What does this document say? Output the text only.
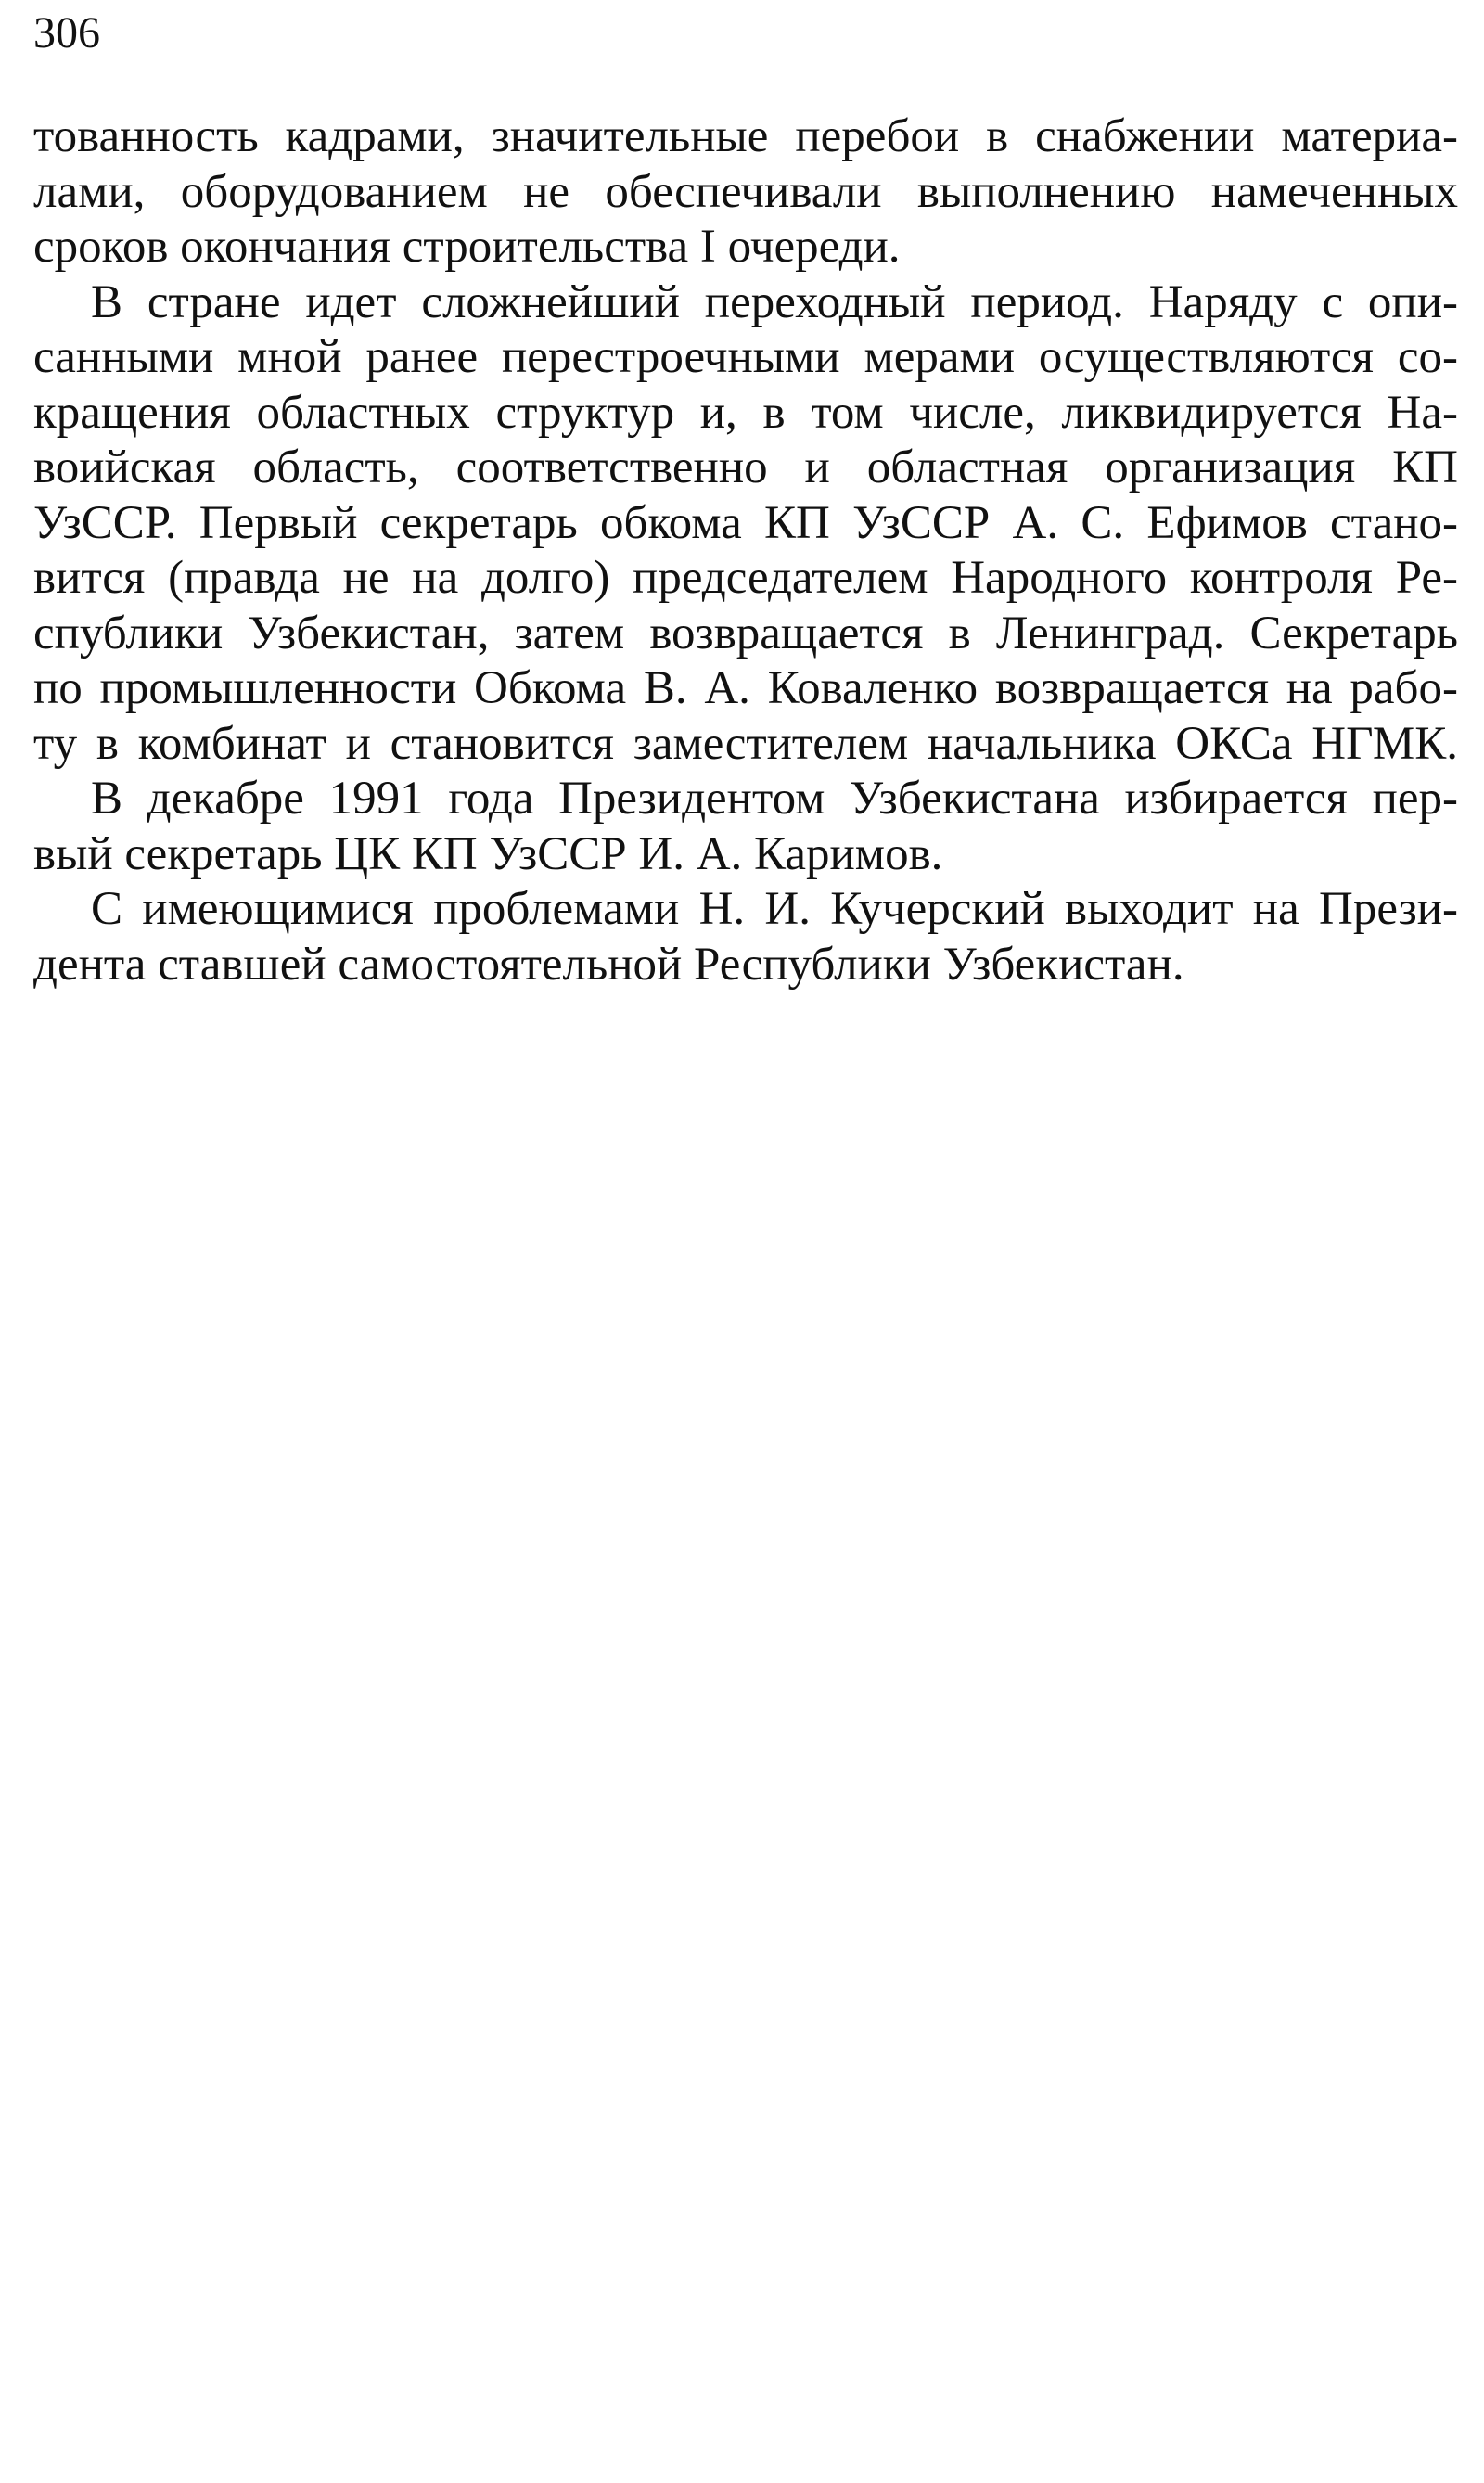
306

тованность кадрами, значительные перебои в снабжении материа-
лами, оборудованием не обеспечивали выполнению намеченных
сроков окончания строительства I очереди.

В стране идет сложнейший переходный период. Наряду с опи-
санными мной ранее перестроечными мерами осуществляются со-
кращения областных структур и, в том числе, ликвидируется На-
воийская область, соответственно и областная организация КП
УзССР. Первый секретарь обкома КП УзССР А. С. Ефимов стано-
вится (правда не на долго) председателем Народного контроля Ре-
спублики Узбекистан, затем возвращается в Ленинград. Секретарь
по промышленности Обкома В. А. Коваленко возвращается на рабо-
ту в комбинат и становится заместителем начальника ОКСа НГМК.

В декабре 1991 года Президентом Узбекистана избирается пер-
вый секретарь ЦК КП УзССР И. А. Каримов.

С имеющимися проблемами Н. И. Кучерский выходит на Прези-
дента ставшей самостоятельной Республики Узбекистан.
